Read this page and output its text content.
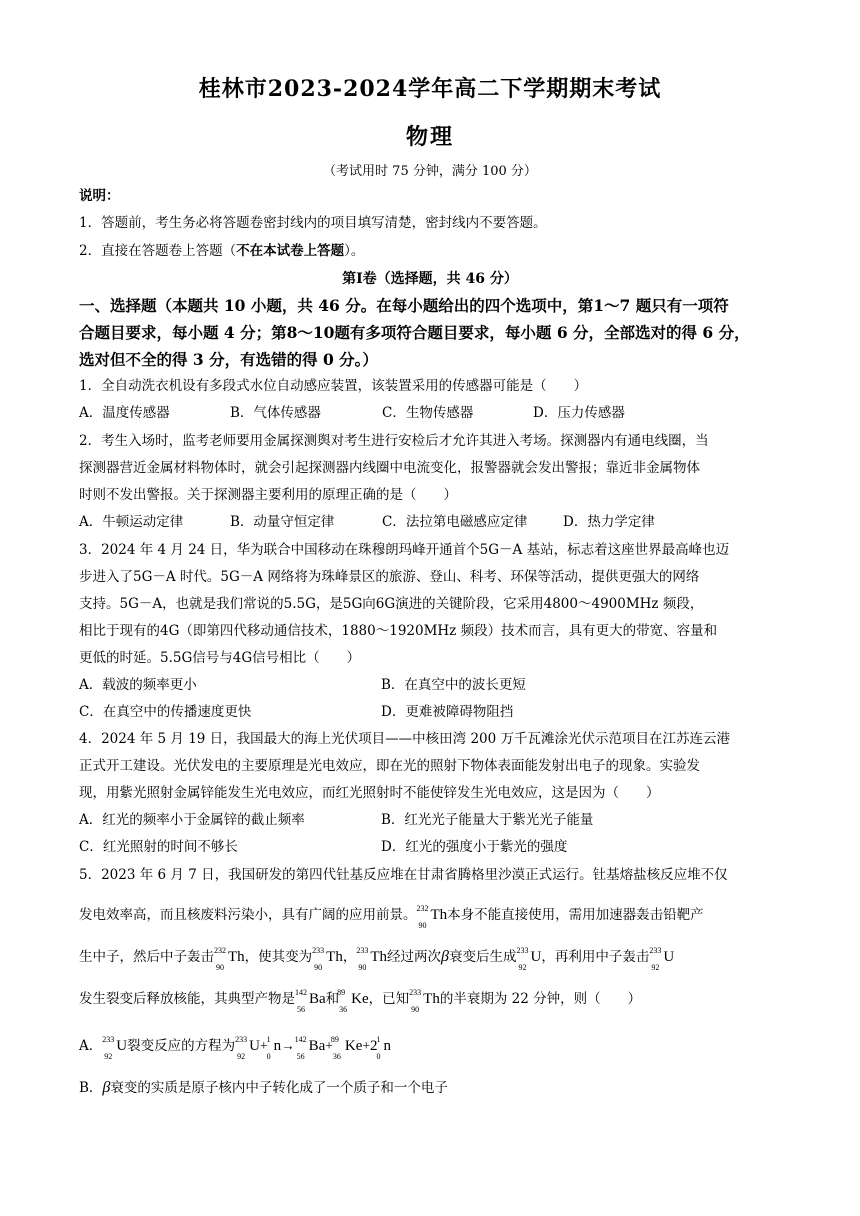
桂林市2023-2024学年高二下学期期末考试
物理
（考试用时 75 分钟，满分 100 分）
说明：
1．答题前，考生务必将答题卷密封线内的项目填写清楚，密封线内不要答题。
2．直接在答题卷上答题（不在本试卷上答题）。
第Ⅰ卷（选择题，共 46 分）
一、选择题（本题共 10 小题，共 46 分。在每小题给出的四个选项中，第1～7 题只有一项符
合题目要求，每小题 4 分；第8～10题有多项符合题目要求，每小题 6 分，全部选对的得 6 分，
选对但不全的得 3 分，有选错的得 0 分。）
1．全自动洗衣机设有多段式水位自动感应装置，该装置采用的传感器可能是（　　）
A．温度传感器	B．气体传感器	C．生物传感器	D．压力传感器
2．考生入场时，监考老师要用金属探测舆对考生进行安检后才允许其进入考场。探测器内有通电线圈，当
探测器营近金属材料物体时，就会引起探测器内线圈中电流变化，报警器就会发出警报；靠近非金属物体
时则不发出警报。关于探测器主要利用的原理正确的是（　　）
A．牛顿运动定律	B．动量守恒定律	C．法拉第电磁感应定律	D．热力学定律
3．2024 年 4 月 24 日，华为联合中国移动在珠穆朗玛峰开通首个5G－A 基站，标志着这座世界最高峰也迈
步进入了5G－A 时代。5G－A 网络将为珠峰景区的旅游、登山、科考、环保等活动，提供更强大的网络
支持。5G－A，也就是我们常说的5.5G，是5G向6G演进的关键阶段，它采用4800～4900MHz 频段，
相比于现有的4G（即第四代移动通信技术，1880～1920MHz 频段）技术而言，具有更大的带宽、容量和
更低的时延。5.5G信号与4G信号相比（　　）
A．载波的频率更小	B．在真空中的波长更短
C．在真空中的传播速度更快	D．更难被障碍物阻挡
4．2024 年 5 月 19 日，我国最大的海上光伏项目——中核田湾 200 万千瓦滩涂光伏示范项目在江苏连云港
正式开工建设。光伏发电的主要原理是光电效应，即在光的照射下物体表面能发射出电子的现象。实验发
现，用紫光照射金属锌能发生光电效应，而红光照射时不能使锌发生光电效应，这是因为（　　）
A．红光的频率小于金属锌的截止频率	B．红光光子能量大于紫光光子能量
C．红光照射的时间不够长	D．红光的强度小于紫光的强度
5．2023 年 6 月 7 日，我国研发的第四代钍基反应堆在甘肃省腾格里沙漠正式运行。钍基熔盐核反应堆不仅
发电效率高，而且核废料污染小，具有广阔的应用前景。 232
90
Th本身不能直接使用，需用加速器轰击铅靶产
生中子，然后中子轰击 232
90
Th，使其变为 233
90
Th， 233
90
Th经过两次β衰变后生成 233
92
U，再利用中子轰击 233
92
U
发生裂变后释放核能，其典型产物是 142
56
Ba和
89
36
Ke，已知 233
90
Th的半衰期为 22 分钟，则（　　）
A． 233
92
U裂变反应的方程为 233
92
U+ 1
0
n→ 142
56
Ba+
89
36
Ke+2 1
0
n
B．β衰变的实质是原子核内中子转化成了一个质子和一个电子
